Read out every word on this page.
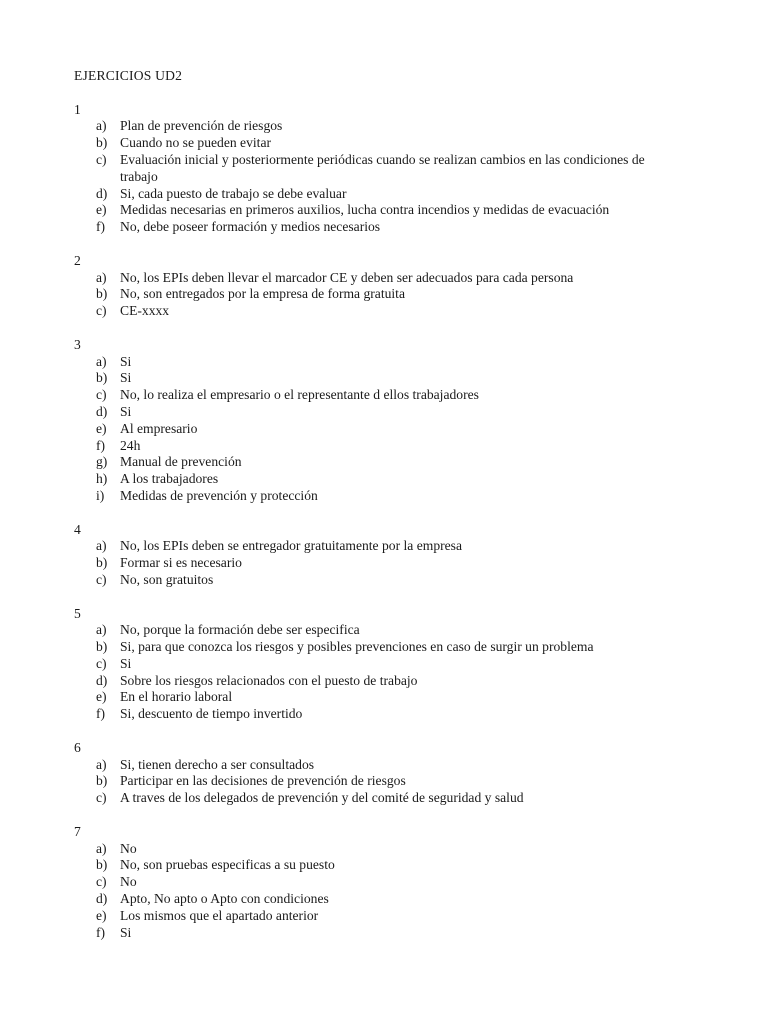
EJERCICIOS UD2
1
a) Plan de prevención de riesgos
b) Cuando no se pueden evitar
c) Evaluación inicial y posteriormente periódicas cuando se realizan cambios en las condiciones de trabajo
d) Si, cada puesto de trabajo se debe evaluar
e) Medidas necesarias en primeros auxilios, lucha contra incendios y medidas de evacuación
f)	No, debe poseer formación y medios necesarios
2
a) No, los EPIs deben llevar el marcador CE y deben ser adecuados para cada persona
b) No, son entregados por la empresa de forma gratuita
c) CE-xxxx
3
a) Si
b) Si
c) No, lo realiza el empresario o el representante d ellos trabajadores
d) Si
e) Al empresario
f)	24h
g) Manual de prevención
h) A los trabajadores
i)	Medidas de prevención y protección
4
a) No, los EPIs deben se entregador gratuitamente por la empresa
b) Formar si es necesario
c) No, son gratuitos
5
a) No, porque la formación debe ser especifica
b) Si, para que conozca los riesgos y posibles prevenciones en caso de surgir un problema
c) Si
d) Sobre los riesgos relacionados con el puesto de trabajo
e) En el horario laboral
f)	Si, descuento de tiempo invertido
6
a) Si, tienen derecho a ser consultados
b) Participar en las decisiones de prevención de riesgos
c) A traves de los delegados de prevención y del comité de seguridad y salud
7
a) No
b) No, son pruebas especificas a su puesto
c) No
d) Apto, No apto o Apto con condiciones
e) Los mismos que el apartado anterior
f)	Si
